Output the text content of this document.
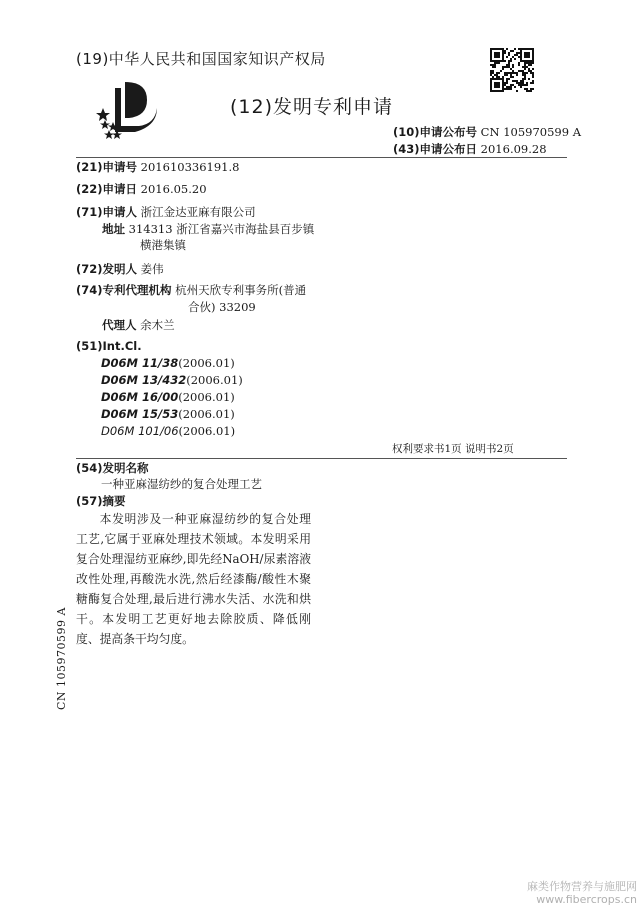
(19)中华人民共和国国家知识产权局
(12)发明专利申请
(10)申请公布号 CN 105970599 A
(43)申请公布日 2016.09.28
(21)申请号 201610336191.8
(22)申请日 2016.05.20
(71)申请人 浙江金达亚麻有限公司
地址 314313 浙江省嘉兴市海盐县百步镇
横港集镇
(72)发明人 姜伟
(74)专利代理机构 杭州天欣专利事务所(普通
合伙) 33209
代理人 余木兰
(51)Int.Cl.
D06M 11/38(2006.01)
D06M 13/432(2006.01)
D06M 16/00(2006.01)
D06M 15/53(2006.01)
D06M 101/06(2006.01)
权利要求书1页 说明书2页
(54)发明名称
一种亚麻湿纺纱的复合处理工艺
(57)摘要
本发明涉及一种亚麻湿纺纱的复合处理工艺,它属于亚麻处理技术领域。本发明采用复合处理湿纺亚麻纱,即先经NaOH/尿素溶液改性处理,再酸洗水洗,然后经漆酶/酸性木聚糖酶复合处理,最后进行沸水失活、水洗和烘干。本发明工艺更好地去除胶质、降低刚度、提高条干均匀度。
CN 105970599 A
麻类作物营养与施肥网
www.fibercrops.cn
